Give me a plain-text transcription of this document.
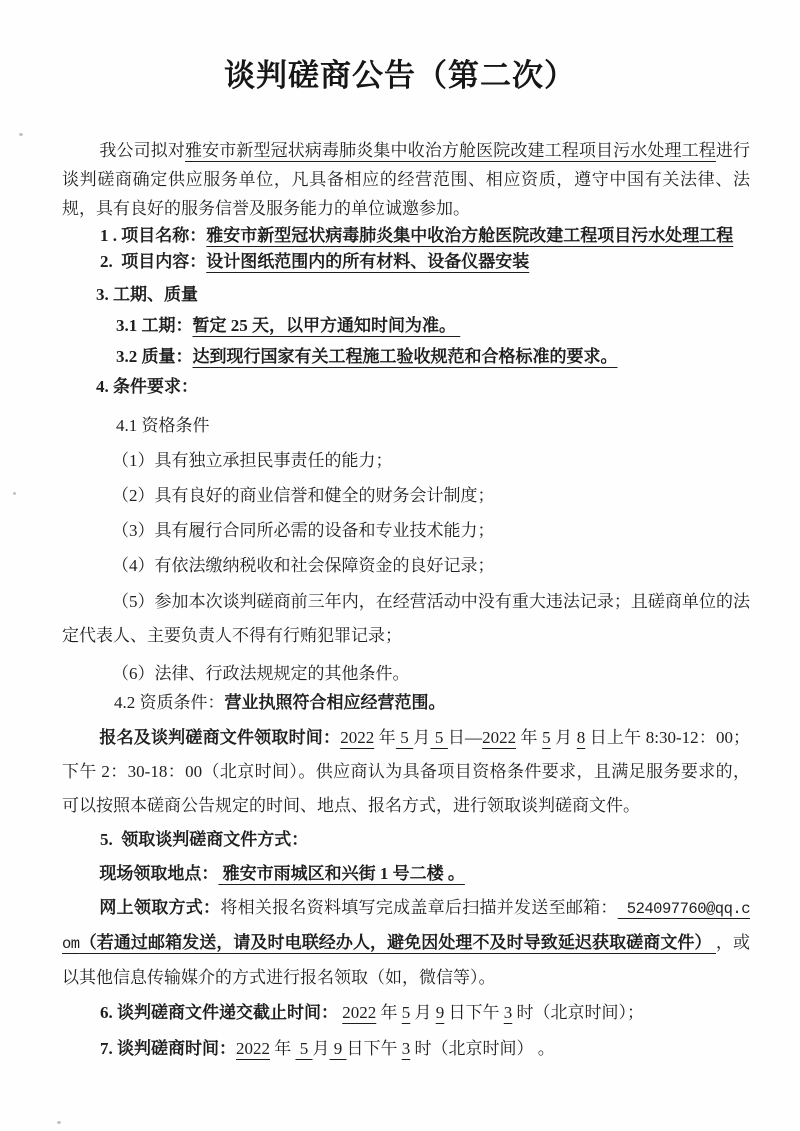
谈判磋商公告（第二次）

我公司拟对雅安市新型冠状病毒肺炎集中收治方舱医院改建工程项目污水处理工程进行谈判磋商确定供应服务单位，凡具备相应的经营范围、相应资质，遵守中国有关法律、法规，具有良好的服务信誉及服务能力的单位诚邀参加。

1 . 项目名称：雅安市新型冠状病毒肺炎集中收治方舱医院改建工程项目污水处理工程

2.  项目内容：设计图纸范围内的所有材料、设备仪器安装

3. 工期、质量

3.1 工期：暂定 25 天，以甲方通知时间为准。

3.2 质量：达到现行国家有关工程施工验收规范和合格标准的要求。

4. 条件要求：

4.1 资格条件

（1）具有独立承担民事责任的能力；

（2）具有良好的商业信誉和健全的财务会计制度；

（3）具有履行合同所必需的设备和专业技术能力；

（4）有依法缴纳税收和社会保障资金的良好记录；

（5）参加本次谈判磋商前三年内，在经营活动中没有重大违法记录；且磋商单位的法定代表人、主要负责人不得有行贿犯罪记录；

（6）法律、行政法规规定的其他条件。

4.2 资质条件：营业执照符合相应经营范围。

报名及谈判磋商文件领取时间：2022 年 5 月 5 日—2022 年 5 月 8 日上午 8:30-12：00；下午 2：30-18：00（北京时间）。供应商认为具备项目资格条件要求，且满足服务要求的，可以按照本磋商公告规定的时间、地点、报名方式，进行领取谈判磋商文件。

5.  领取谈判磋商文件方式：

现场领取地点： 雅安市雨城区和兴街 1 号二楼 。

网上领取方式：将相关报名资料填写完成盖章后扫描并发送至邮箱： 524097760@qq.com（若通过邮箱发送，请及时电联经办人，避免因处理不及时导致延迟获取磋商文件） ，或以其他信息传输媒介的方式进行报名领取（如，微信等）。

6. 谈判磋商文件递交截止时间： 2022 年 5 月 9 日下午 3 时（北京时间）；

7. 谈判磋商时间：2022 年  5 月 9 日下午 3 时（北京时间） 。
